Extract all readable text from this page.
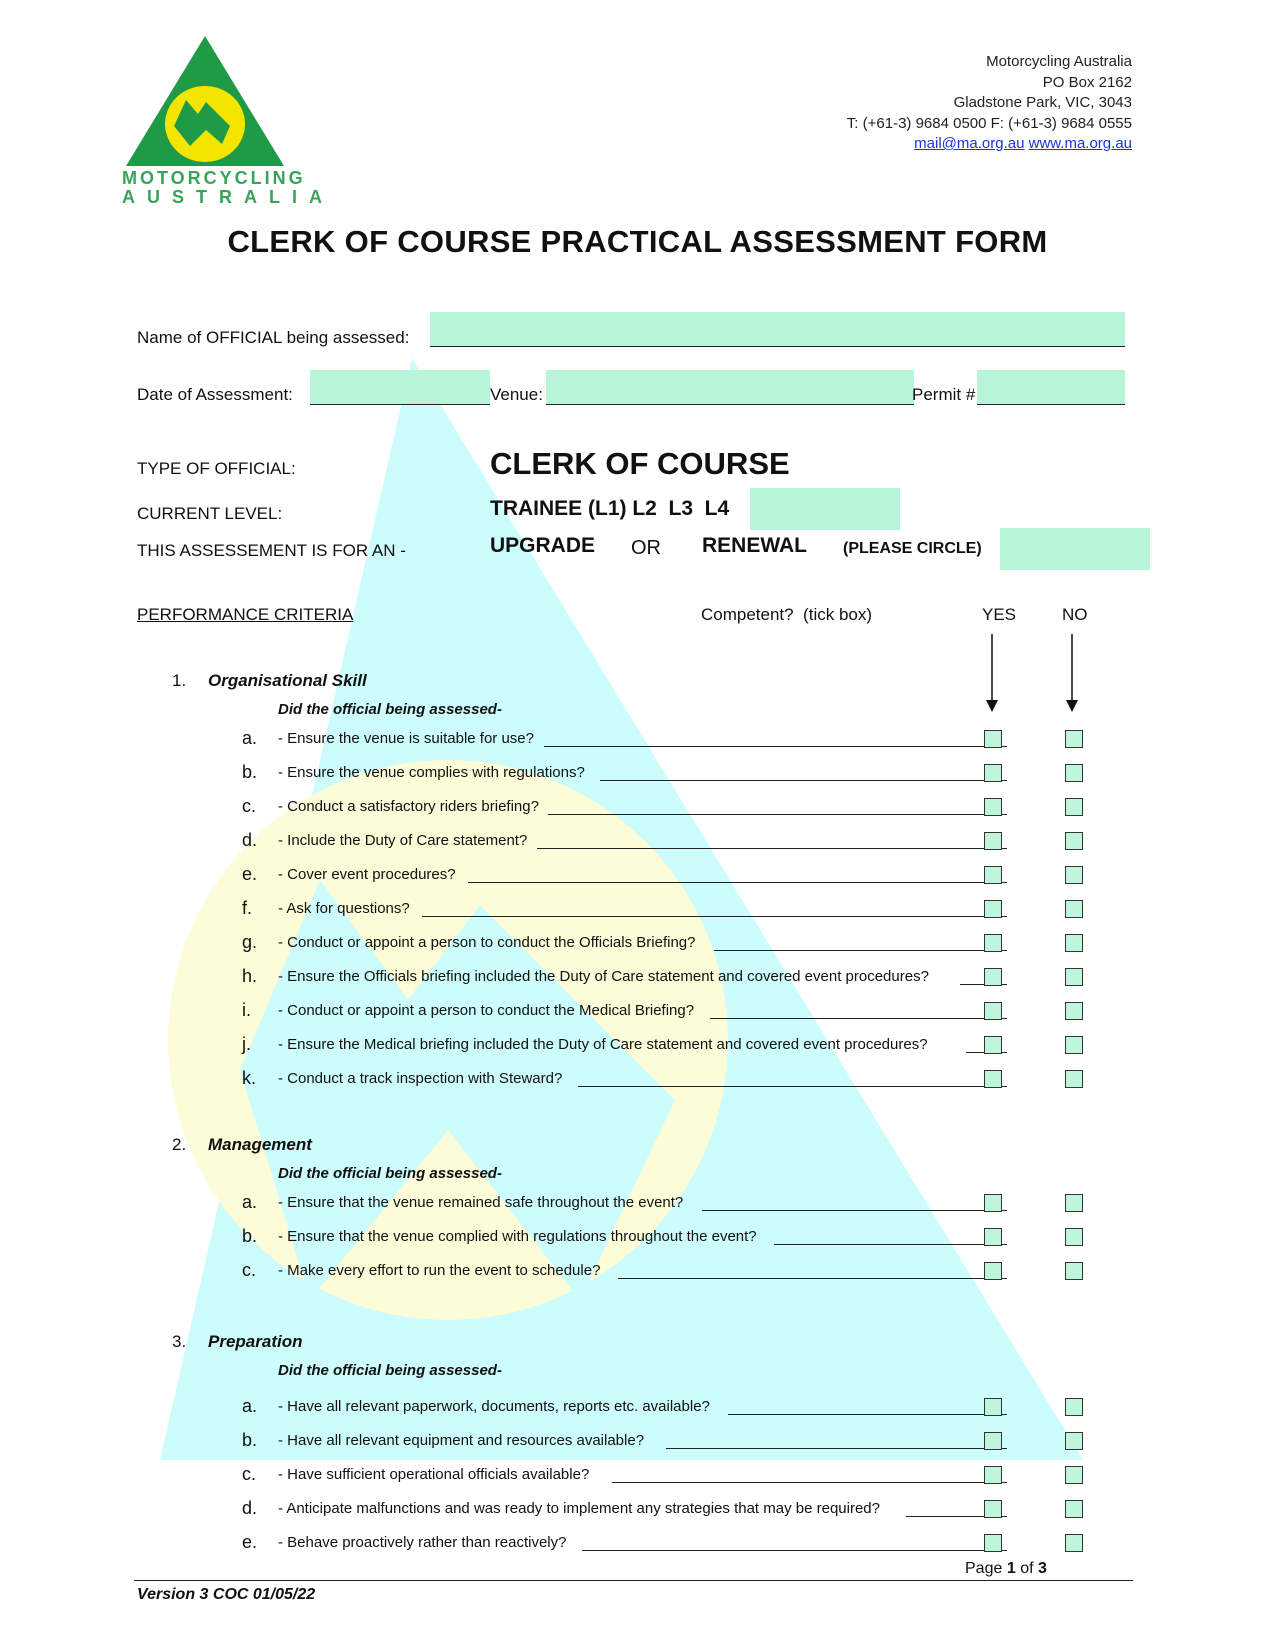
MOTORCYCLING
AUSTRALIA
Motorcycling Australia
PO Box 2162
Gladstone Park, VIC, 3043
T: (+61-3) 9684 0500 F: (+61-3) 9684 0555
mail@ma.org.au www.ma.org.au
CLERK OF COURSE PRACTICAL ASSESSMENT FORM
Name of OFFICIAL being assessed:
Date of Assessment:	Venue:	Permit #
TYPE OF OFFICIAL:	CLERK OF COURSE
CURRENT LEVEL:	TRAINEE (L1) L2  L3  L4
THIS ASSESSEMENT IS FOR AN -	UPGRADE OR RENEWAL (PLEASE CIRCLE)
PERFORMANCE CRITERIA	Competent?  (tick box)	YES	NO
1. Organisational Skill
Did the official being assessed-
a. - Ensure the venue is suitable for use?
b. - Ensure the venue complies with regulations?
c. - Conduct a satisfactory riders briefing?
d. - Include the Duty of Care statement?
e. - Cover event procedures?
f. - Ask for questions?
g. - Conduct or appoint a person to conduct the Officials Briefing?
h. - Ensure the Officials briefing included the Duty of Care statement and covered event procedures?
i. - Conduct or appoint a person to conduct the Medical Briefing?
j. - Ensure the Medical briefing included the Duty of Care statement and covered event procedures?
k. - Conduct a track inspection with Steward?
2. Management
Did the official being assessed-
a. - Ensure that the venue remained safe throughout the event?
b. - Ensure that the venue complied with regulations throughout the event?
c. - Make every effort to run the event to schedule?
3. Preparation
Did the official being assessed-
a. - Have all relevant paperwork, documents, reports etc. available?
b. - Have all relevant equipment and resources available?
c. - Have sufficient operational officials available?
d. - Anticipate malfunctions and was ready to implement any strategies that may be required?
e. - Behave proactively rather than reactively?
Page 1 of 3
Version 3 COC 01/05/22
